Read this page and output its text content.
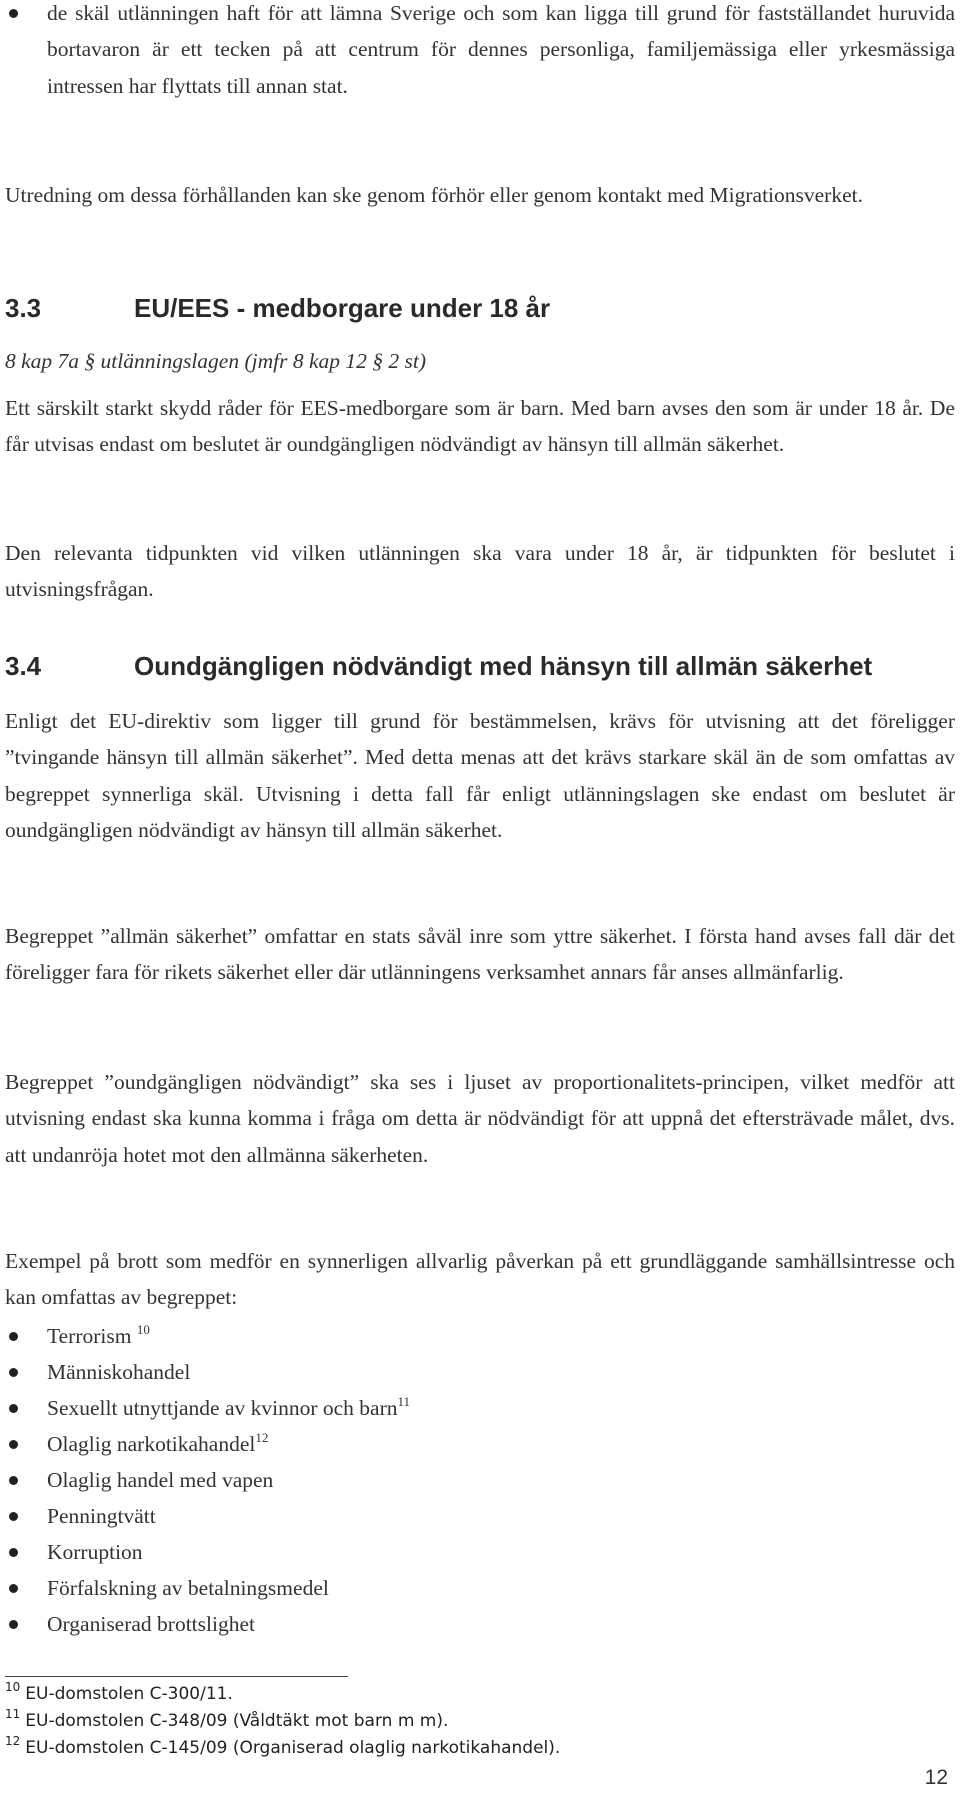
de skäl utlänningen haft för att lämna Sverige och som kan ligga till grund för fastställandet huruvida bortavaron är ett tecken på att centrum för dennes personliga, familjemässiga eller yrkesmässiga intressen har flyttats till annan stat.

Utredning om dessa förhållanden kan ske genom förhör eller genom kontakt med Migrationsverket.

3.3	EU/EES - medborgare under 18 år

8 kap 7a § utlänningslagen (jmfr 8 kap 12 § 2 st)

Ett särskilt starkt skydd råder för EES-medborgare som är barn. Med barn avses den som är under 18 år. De får utvisas endast om beslutet är oundgängligen nödvändigt av hänsyn till allmän säkerhet.

Den relevanta tidpunkten vid vilken utlänningen ska vara under 18 år, är tidpunkten för beslutet i utvisningsfrågan.

3.4	Oundgängligen nödvändigt med hänsyn till allmän säkerhet

Enligt det EU-direktiv som ligger till grund för bestämmelsen, krävs för utvisning att det föreligger ”tvingande hänsyn till allmän säkerhet”. Med detta menas att det krävs starkare skäl än de som omfattas av begreppet synnerliga skäl. Utvisning i detta fall får enligt utlänningslagen ske endast om beslutet är oundgängligen nödvändigt av hänsyn till allmän säkerhet.

Begreppet ”allmän säkerhet” omfattar en stats såväl inre som yttre säkerhet. I första hand avses fall där det föreligger fara för rikets säkerhet eller där utlänningens verksamhet annars får anses allmänfarlig.

Begreppet ”oundgängligen nödvändigt” ska ses i ljuset av proportionalitets-principen, vilket medför att utvisning endast ska kunna komma i fråga om detta är nödvändigt för att uppnå det eftersträvade målet, dvs. att undanröja hotet mot den allmänna säkerheten.

Exempel på brott som medför en synnerligen allvarlig påverkan på ett grundläggande samhällsintresse och kan omfattas av begreppet:

Terrorism $^{10}$
Människohandel
Sexuellt utnyttjande av kvinnor och barn$^{11}$
Olaglig narkotikahandel$^{12}$
Olaglig handel med vapen
Penningtvätt
Korruption
Förfalskning av betalningsmedel
Organiserad brottslighet
$^{10}$ EU-domstolen C-300/11.
$^{11}$ EU-domstolen C-348/09 (Våldtäkt mot barn m m).
$^{12}$ EU-domstolen C-145/09 (Organiserad olaglig narkotikahandel).
12
